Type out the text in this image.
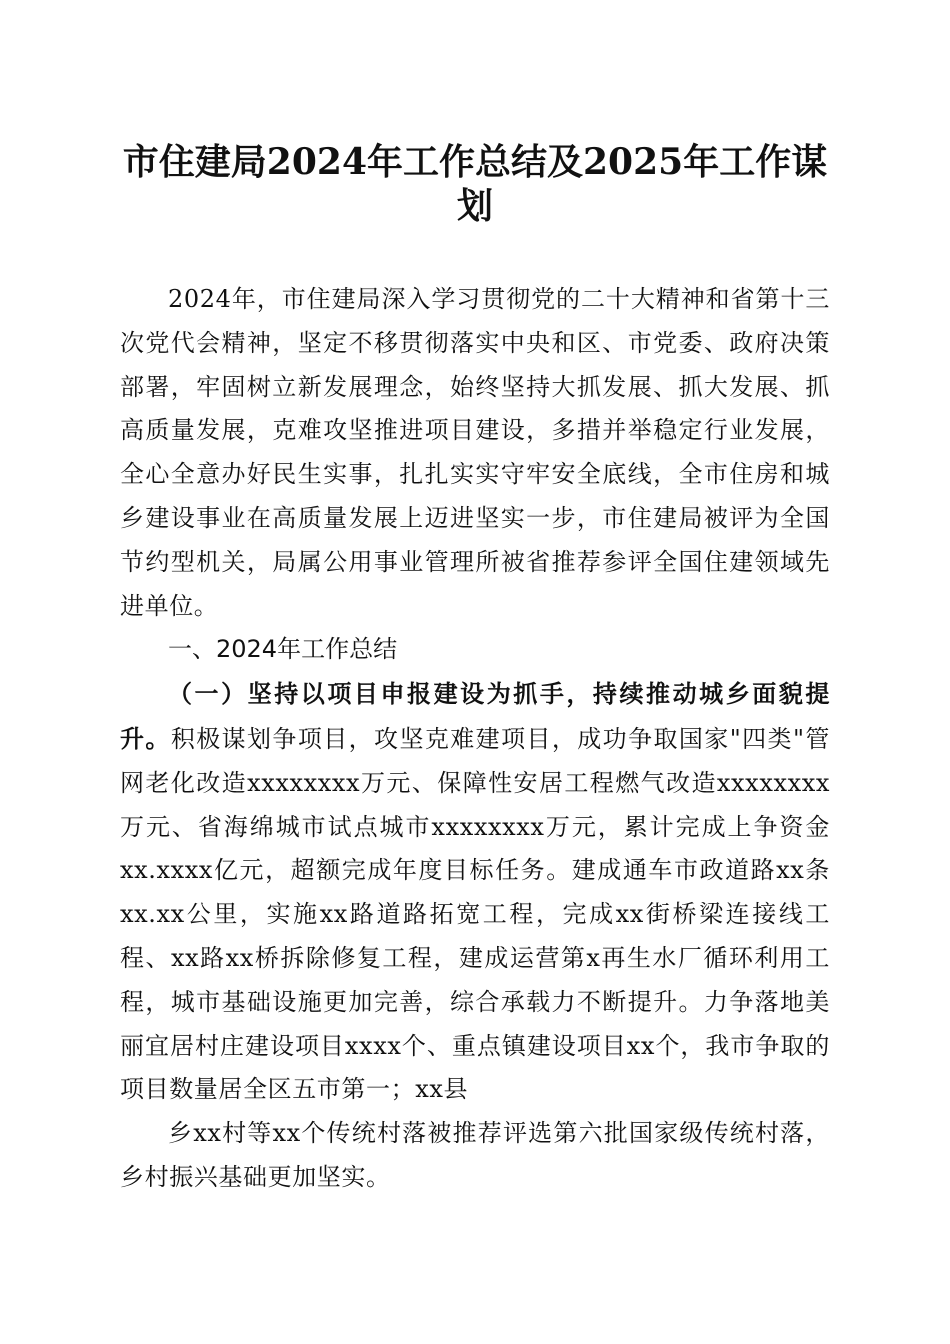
市住建局2024年工作总结及2025年工作谋划

2024年，市住建局深入学习贯彻党的二十大精神和省第十三次党代会精神，坚定不移贯彻落实中央和区、市党委、政府决策部署，牢固树立新发展理念，始终坚持大抓发展、抓大发展、抓高质量发展，克难攻坚推进项目建设，多措并举稳定行业发展，全心全意办好民生实事，扎扎实实守牢安全底线，全市住房和城乡建设事业在高质量发展上迈进坚实一步，市住建局被评为全国节约型机关，局属公用事业管理所被省推荐参评全国住建领域先进单位。

一、2024年工作总结

（一）坚持以项目申报建设为抓手，持续推动城乡面貌提升。积极谋划争项目，攻坚克难建项目，成功争取国家"四类"管网老化改造xxxxxxxx万元、保障性安居工程燃气改造xxxxxxxx万元、省海绵城市试点城市xxxxxxxx万元，累计完成上争资金xx.xxxx亿元，超额完成年度目标任务。建成通车市政道路xx条xx.xx公里，实施xx路道路拓宽工程，完成xx街桥梁连接线工程、xx路xx桥拆除修复工程，建成运营第x再生水厂循环利用工程，城市基础设施更加完善，综合承载力不断提升。力争落地美丽宜居村庄建设项目xxxx个、重点镇建设项目xx个，我市争取的项目数量居全区五市第一；xx县

乡xx村等xx个传统村落被推荐评选第六批国家级传统村落，乡村振兴基础更加坚实。
